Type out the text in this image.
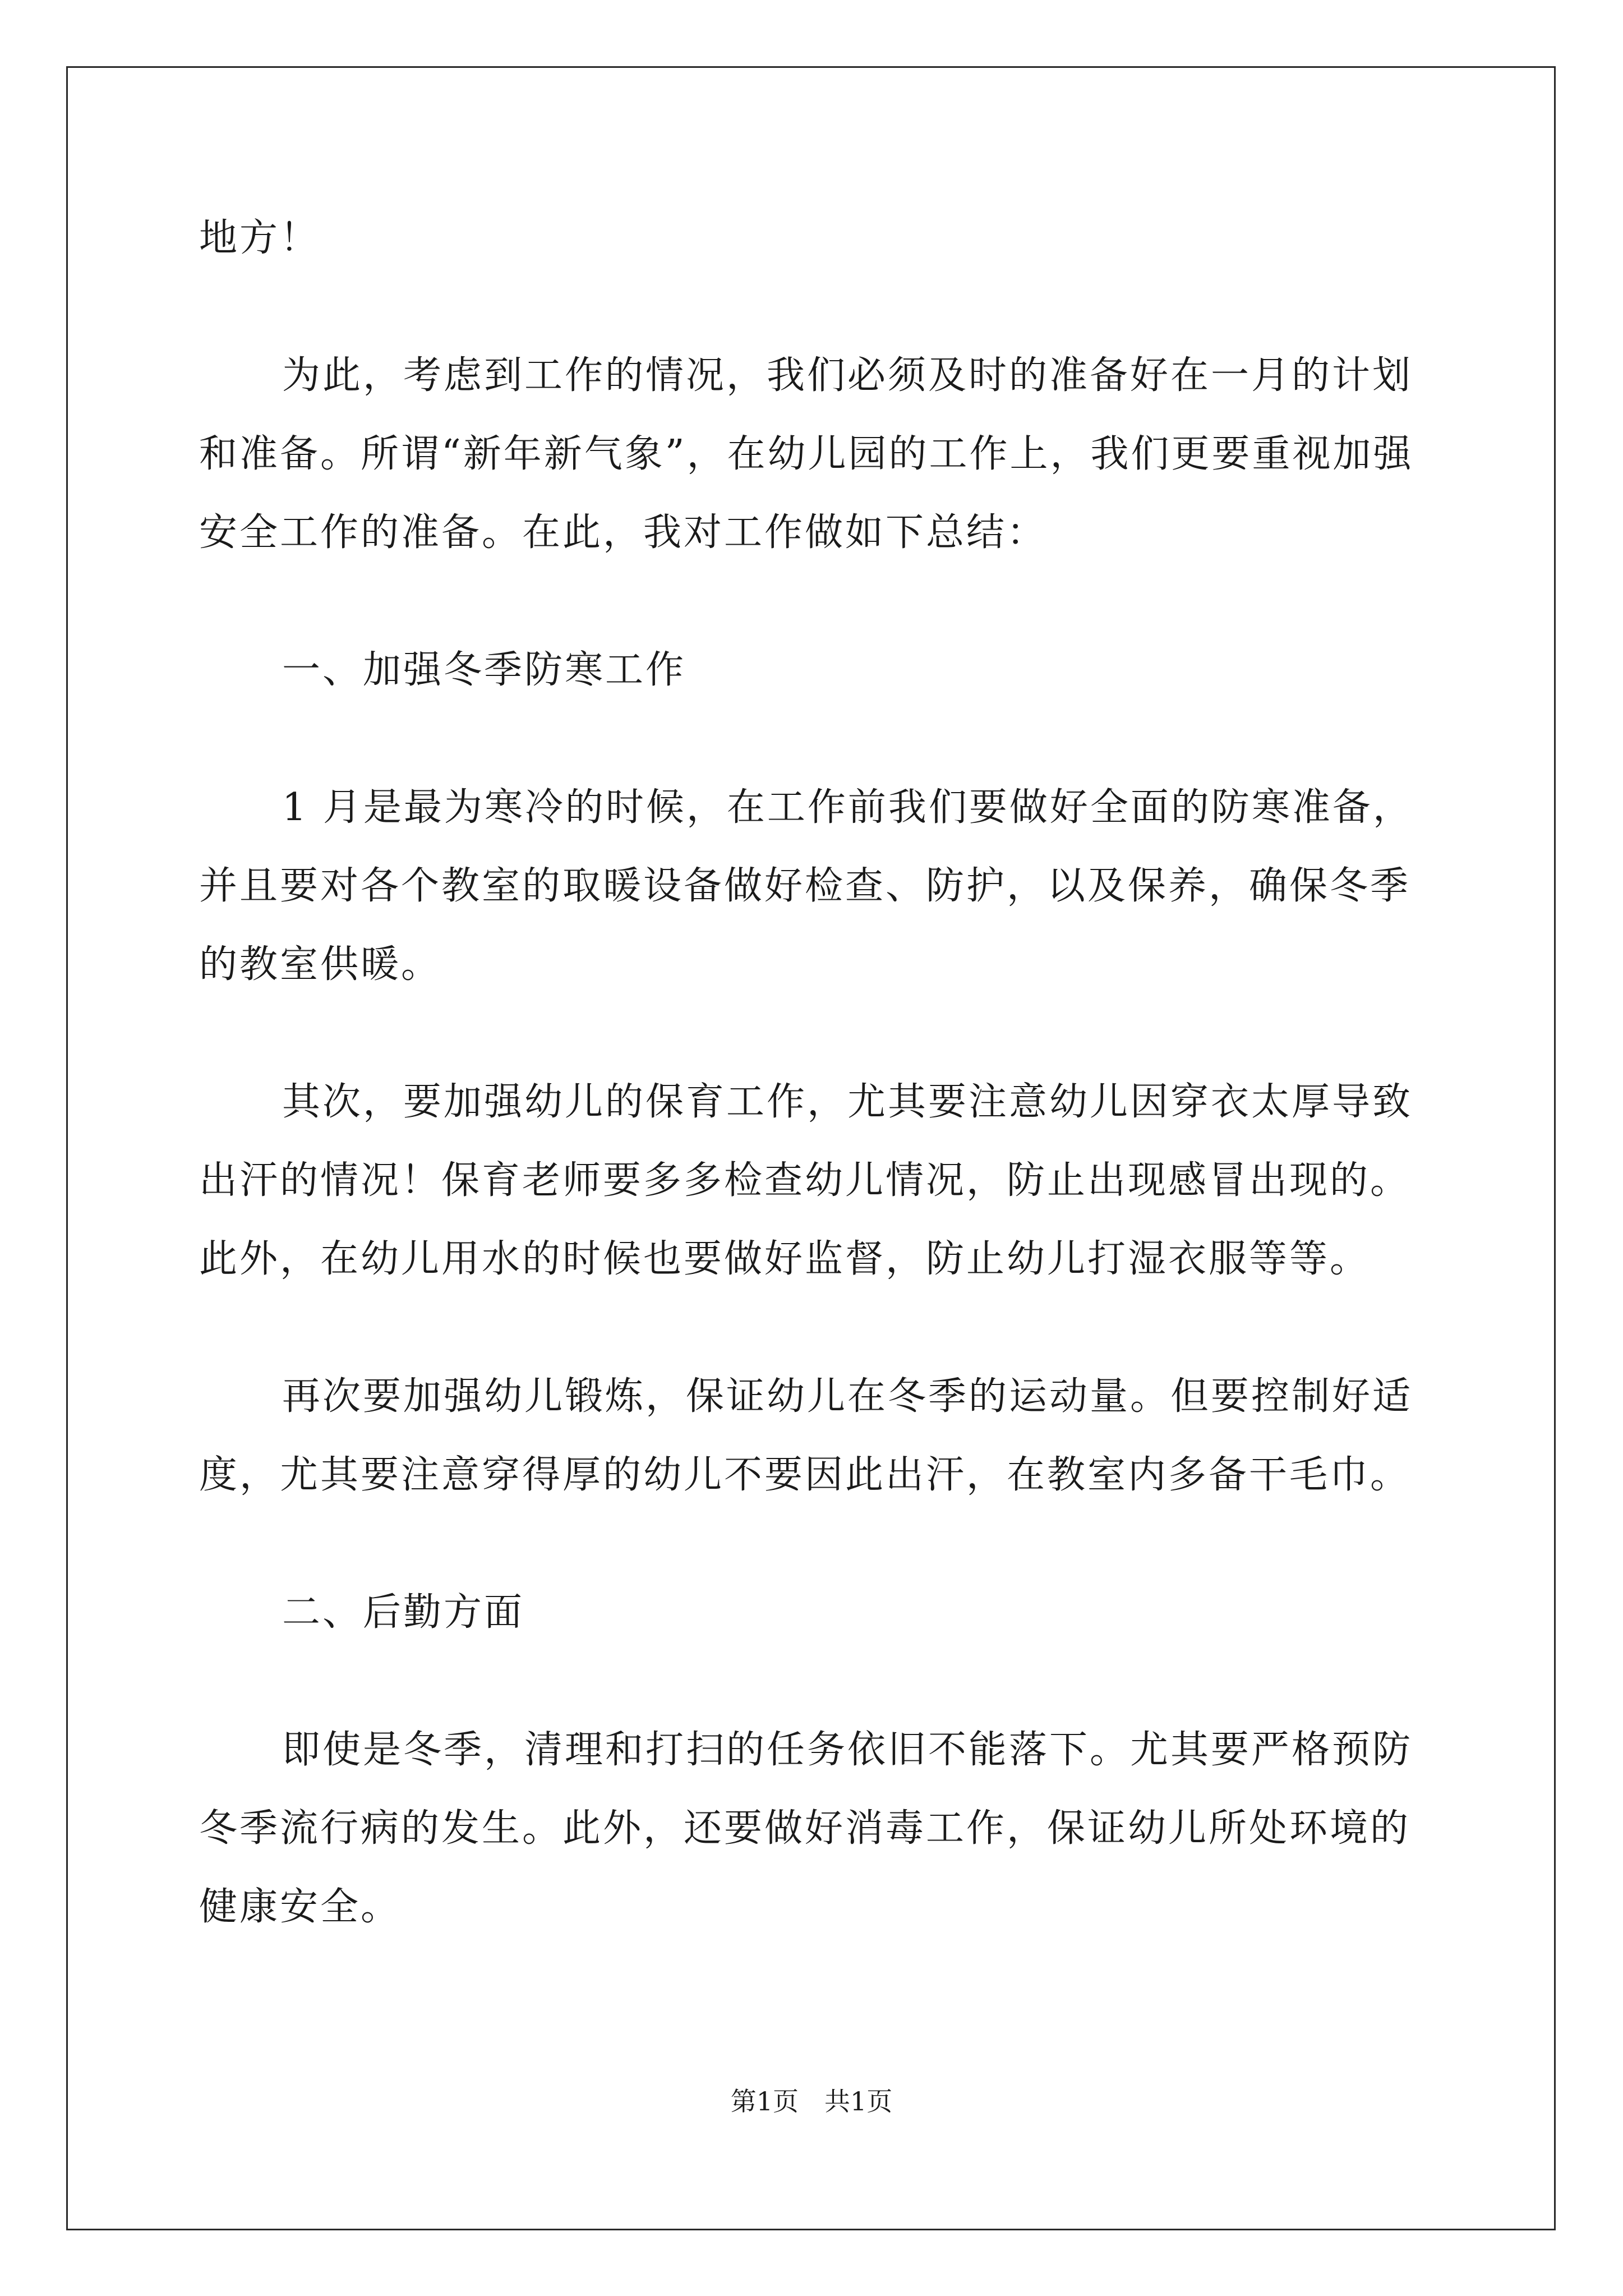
地方！
为此，考虑到工作的情况，我们必须及时的准备好在一月的计划
和准备。所谓“新年新气象”，在幼儿园的工作上，我们更要重视加强
安全工作的准备。在此，我对工作做如下总结：
一、加强冬季防寒工作
1 月是最为寒冷的时候，在工作前我们要做好全面的防寒准备，
并且要对各个教室的取暖设备做好检查、防护，以及保养，确保冬季
的教室供暖。
其次，要加强幼儿的保育工作，尤其要注意幼儿因穿衣太厚导致
出汗的情况！保育老师要多多检查幼儿情况，防止出现感冒出现的。
此外，在幼儿用水的时候也要做好监督，防止幼儿打湿衣服等等。
再次要加强幼儿锻炼，保证幼儿在冬季的运动量。但要控制好适
度，尤其要注意穿得厚的幼儿不要因此出汗，在教室内多备干毛巾。
二、后勤方面
即使是冬季，清理和打扫的任务依旧不能落下。尤其要严格预防
冬季流行病的发生。此外，还要做好消毒工作，保证幼儿所处环境的
健康安全。
第1页　共1页
